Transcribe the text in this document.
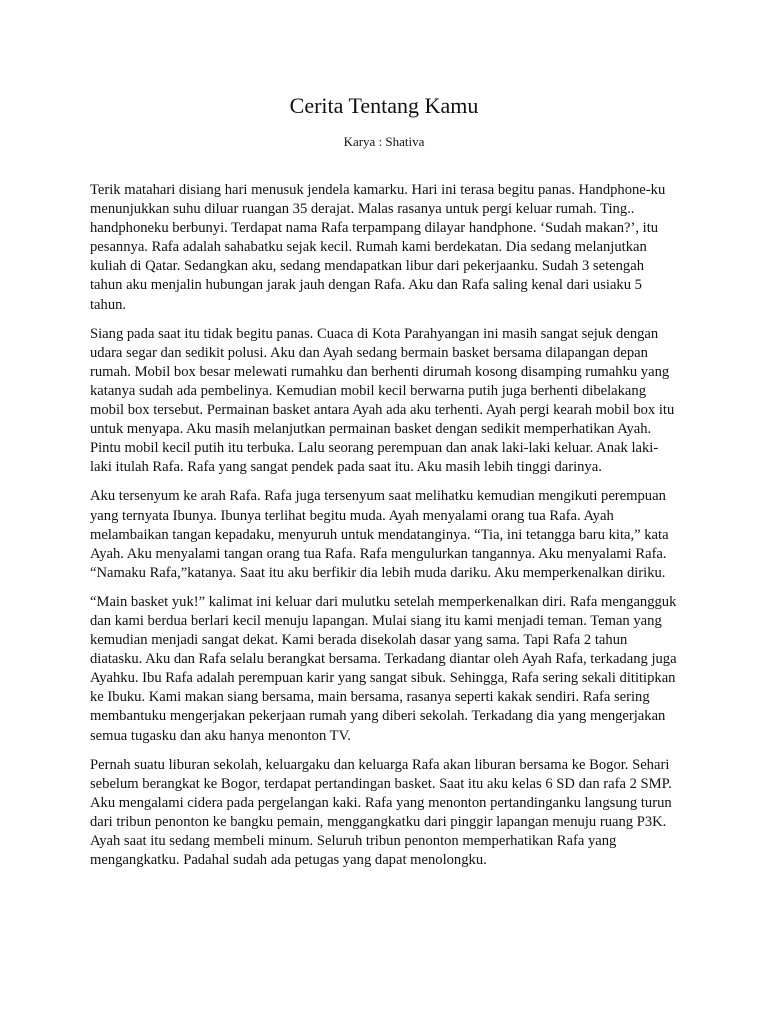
Cerita Tentang Kamu

Karya : Shativa

Terik matahari disiang hari menusuk jendela kamarku. Hari ini terasa begitu panas. Handphone-ku menunjukkan suhu diluar ruangan 35 derajat. Malas rasanya untuk pergi keluar rumah. Ting.. handphoneku berbunyi. Terdapat nama Rafa terpampang dilayar handphone. ‘Sudah makan?’, itu pesannya. Rafa adalah sahabatku sejak kecil. Rumah kami berdekatan. Dia sedang melanjutkan kuliah di Qatar. Sedangkan aku, sedang mendapatkan libur dari pekerjaanku. Sudah 3 setengah tahun aku menjalin hubungan jarak jauh dengan Rafa. Aku dan Rafa saling kenal dari usiaku 5 tahun.

Siang pada saat itu tidak begitu panas. Cuaca di Kota Parahyangan ini masih sangat sejuk dengan udara segar dan sedikit polusi. Aku dan Ayah sedang bermain basket bersama dilapangan depan rumah. Mobil box besar melewati rumahku dan berhenti dirumah kosong disamping rumahku yang katanya sudah ada pembelinya. Kemudian mobil kecil berwarna putih juga berhenti dibelakang mobil box tersebut. Permainan basket antara Ayah ada aku terhenti. Ayah pergi kearah mobil box itu untuk menyapa. Aku masih melanjutkan permainan basket dengan sedikit memperhatikan Ayah. Pintu mobil kecil putih itu terbuka. Lalu seorang perempuan dan anak laki-laki keluar. Anak laki-laki itulah Rafa. Rafa yang sangat pendek pada saat itu. Aku masih lebih tinggi darinya.

Aku tersenyum ke arah Rafa. Rafa juga tersenyum saat melihatku kemudian mengikuti perempuan yang ternyata Ibunya. Ibunya terlihat begitu muda. Ayah menyalami orang tua Rafa. Ayah melambaikan tangan kepadaku, menyuruh untuk mendatanginya. “Tia, ini tetangga baru kita,” kata Ayah. Aku menyalami tangan orang tua Rafa. Rafa mengulurkan tangannya. Aku menyalami Rafa. “Namaku Rafa,”katanya. Saat itu aku berfikir dia lebih muda dariku. Aku memperkenalkan diriku.

“Main basket yuk!” kalimat ini keluar dari mulutku setelah memperkenalkan diri. Rafa mengangguk dan kami berdua berlari kecil menuju lapangan. Mulai siang itu kami menjadi teman. Teman yang kemudian menjadi sangat dekat. Kami berada disekolah dasar yang sama. Tapi Rafa 2 tahun diatasku. Aku dan Rafa selalu berangkat bersama. Terkadang diantar oleh Ayah Rafa, terkadang juga Ayahku. Ibu Rafa adalah perempuan karir yang sangat sibuk. Sehingga, Rafa sering sekali dititipkan ke Ibuku. Kami makan siang bersama, main bersama, rasanya seperti kakak sendiri. Rafa sering membantuku mengerjakan pekerjaan rumah yang diberi sekolah. Terkadang dia yang mengerjakan semua tugasku dan aku hanya menonton TV.

Pernah suatu liburan sekolah, keluargaku dan keluarga Rafa akan liburan bersama ke Bogor. Sehari sebelum berangkat ke Bogor, terdapat pertandingan basket. Saat itu aku kelas 6 SD dan rafa 2 SMP. Aku mengalami cidera pada pergelangan kaki. Rafa yang menonton pertandinganku langsung turun dari tribun penonton ke bangku pemain, menggangkatku dari pinggir lapangan menuju ruang P3K. Ayah saat itu sedang membeli minum. Seluruh tribun penonton memperhatikan Rafa yang mengangkatku. Padahal sudah ada petugas yang dapat menolongku.
